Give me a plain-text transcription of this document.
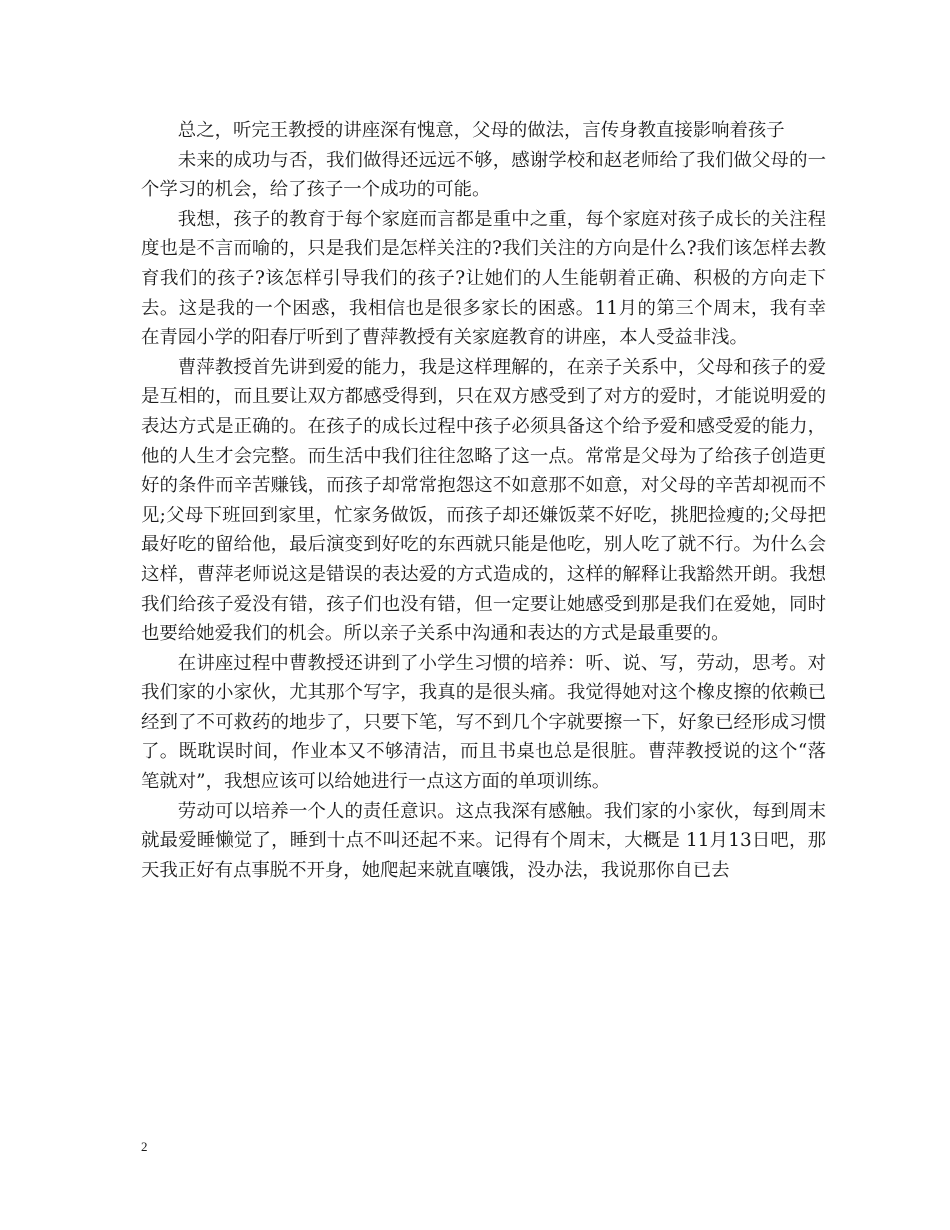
总之，听完王教授的讲座深有愧意，父母的做法，言传身教直接影响着孩子

未来的成功与否，我们做得还远远不够，感谢学校和赵老师给了我们做父母的一个学习的机会，给了孩子一个成功的可能。

我想，孩子的教育于每个家庭而言都是重中之重，每个家庭对孩子成长的关注程度也是不言而喻的，只是我们是怎样关注的?我们关注的方向是什么?我们该怎样去教育我们的孩子?该怎样引导我们的孩子?让她们的人生能朝着正确、积极的方向走下去。这是我的一个困惑，我相信也是很多家长的困惑。11月的第三个周末，我有幸在青园小学的阳春厅听到了曹萍教授有关家庭教育的讲座，本人受益非浅。

曹萍教授首先讲到爱的能力，我是这样理解的，在亲子关系中，父母和孩子的爱是互相的，而且要让双方都感受得到，只在双方感受到了对方的爱时，才能说明爱的表达方式是正确的。在孩子的成长过程中孩子必须具备这个给予爱和感受爱的能力，他的人生才会完整。而生活中我们往往忽略了这一点。常常是父母为了给孩子创造更好的条件而辛苦赚钱，而孩子却常常抱怨这不如意那不如意，对父母的辛苦却视而不见;父母下班回到家里，忙家务做饭，而孩子却还嫌饭菜不好吃，挑肥捡瘦的;父母把最好吃的留给他，最后演变到好吃的东西就只能是他吃，别人吃了就不行。为什么会这样，曹萍老师说这是错误的表达爱的方式造成的，这样的解释让我豁然开朗。我想我们给孩子爱没有错，孩子们也没有错，但一定要让她感受到那是我们在爱她，同时也要给她爱我们的机会。所以亲子关系中沟通和表达的方式是最重要的。

在讲座过程中曹教授还讲到了小学生习惯的培养：听、说、写，劳动，思考。对我们家的小家伙，尤其那个写字，我真的是很头痛。我觉得她对这个橡皮擦的依赖已经到了不可救药的地步了，只要下笔，写不到几个字就要擦一下，好象已经形成习惯了。既耽误时间，作业本又不够清洁，而且书桌也总是很脏。曹萍教授说的这个“落笔就对”，我想应该可以给她进行一点这方面的单项训练。

劳动可以培养一个人的责任意识。这点我深有感触。我们家的小家伙，每到周末就最爱睡懒觉了，睡到十点不叫还起不来。记得有个周末，大概是 11月13日吧，那天我正好有点事脱不开身，她爬起来就直嚷饿，没办法，我说那你自已去

2
